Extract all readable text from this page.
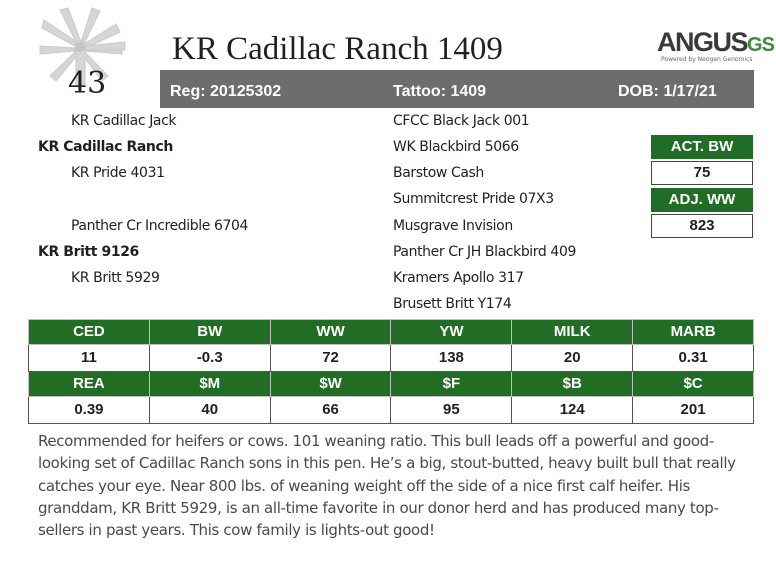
43
KR Cadillac Ranch 1409	ANGUSGS
Powered by Neogen Genomics
Reg: 20125302	Tattoo: 1409	DOB: 1/17/21
KR Cadillac Jack
KR Cadillac Ranch
KR Pride 4031
Panther Cr Incredible 6704
KR Britt 9126
KR Britt 5929
CFCC Black Jack 001
WK Blackbird 5066
Barstow Cash
Summitcrest Pride 07X3
Musgrave Invision
Panther Cr JH Blackbird 409
Kramers Apollo 317
Brusett Britt Y174
ACT. BW
75
ADJ. WW
823
CED	BW	WW	YW	MILK	MARB
11	-0.3	72	138	20	0.31
REA	$M	$W	$F	$B	$C
0.39	40	66	95	124	201
Recommended for heifers or cows. 101 weaning ratio. This bull leads off a powerful and good-looking set of Cadillac Ranch sons in this pen. He’s a big, stout-butted, heavy built bull that really catches your eye. Near 800 lbs. of weaning weight off the side of a nice first calf heifer. His granddam, KR Britt 5929, is an all-time favorite in our donor herd and has produced many top-sellers in past years. This cow family is lights-out good!
